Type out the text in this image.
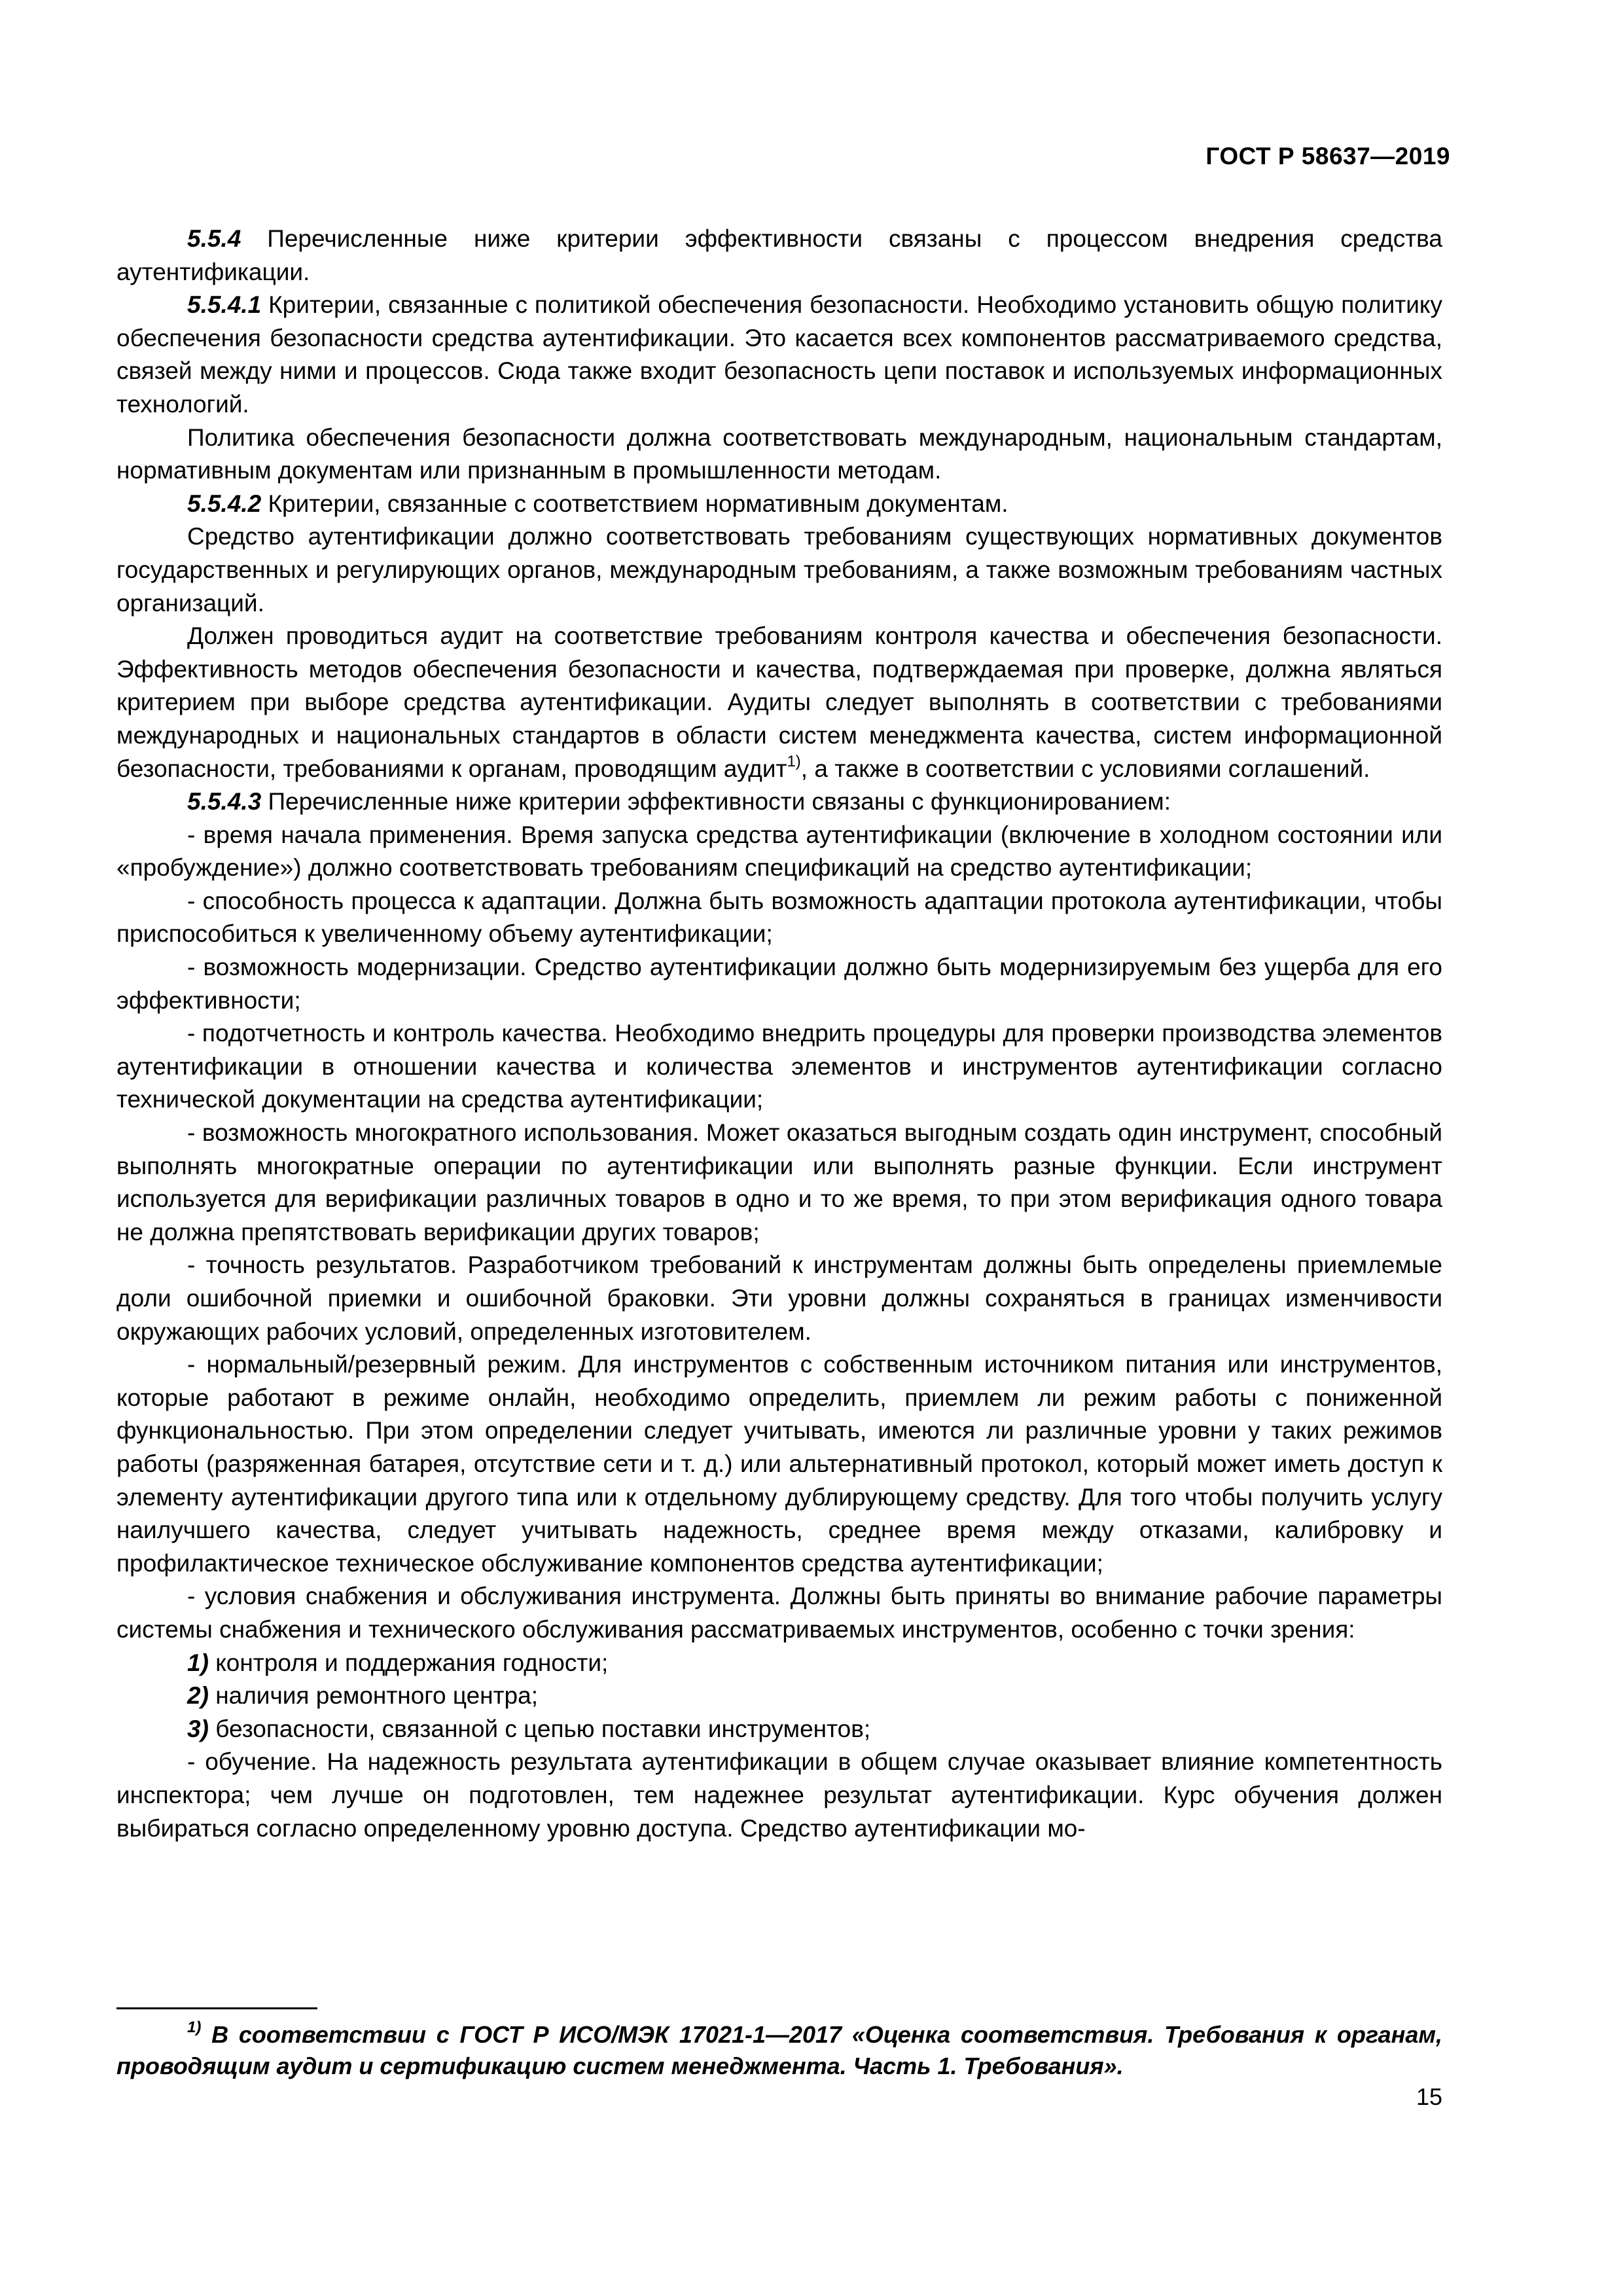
ГОСТ Р 58637—2019

5.5.4 Перечисленные ниже критерии эффективности связаны с процессом внедрения средства аутентификации.

5.5.4.1 Критерии, связанные с политикой обеспечения безопасности. Необходимо установить общую политику обеспечения безопасности средства аутентификации. Это касается всех компонентов рассматриваемого средства, связей между ними и процессов. Сюда также входит безопасность цепи поставок и используемых информационных технологий.

Политика обеспечения безопасности должна соответствовать международным, национальным стандартам, нормативным документам или признанным в промышленности методам.

5.5.4.2 Критерии, связанные с соответствием нормативным документам.

Средство аутентификации должно соответствовать требованиям существующих нормативных документов государственных и регулирующих органов, международным требованиям, а также возможным требованиям частных организаций.

Должен проводиться аудит на соответствие требованиям контроля качества и обеспечения безопасности. Эффективность методов обеспечения безопасности и качества, подтверждаемая при проверке, должна являться критерием при выборе средства аутентификации. Аудиты следует выполнять в соответствии с требованиями международных и национальных стандартов в области систем менеджмента качества, систем информационной безопасности, требованиями к органам, проводящим аудит$^{1)}$, а также в соответствии с условиями соглашений.

5.5.4.3 Перечисленные ниже критерии эффективности связаны с функционированием:

- время начала применения. Время запуска средства аутентификации (включение в холодном состоянии или «пробуждение») должно соответствовать требованиям спецификаций на средство аутентификации;

- способность процесса к адаптации. Должна быть возможность адаптации протокола аутентификации, чтобы приспособиться к увеличенному объему аутентификации;

- возможность модернизации. Средство аутентификации должно быть модернизируемым без ущерба для его эффективности;

- подотчетность и контроль качества. Необходимо внедрить процедуры для проверки производства элементов аутентификации в отношении качества и количества элементов и инструментов аутентификации согласно технической документации на средства аутентификации;

- возможность многократного использования. Может оказаться выгодным создать один инструмент, способный выполнять многократные операции по аутентификации или выполнять разные функции. Если инструмент используется для верификации различных товаров в одно и то же время, то при этом верификация одного товара не должна препятствовать верификации других товаров;

- точность результатов. Разработчиком требований к инструментам должны быть определены приемлемые доли ошибочной приемки и ошибочной браковки. Эти уровни должны сохраняться в границах изменчивости окружающих рабочих условий, определенных изготовителем.

- нормальный/резервный режим. Для инструментов с собственным источником питания или инструментов, которые работают в режиме онлайн, необходимо определить, приемлем ли режим работы с пониженной функциональностью. При этом определении следует учитывать, имеются ли различные уровни у таких режимов работы (разряженная батарея, отсутствие сети и т. д.) или альтернативный протокол, который может иметь доступ к элементу аутентификации другого типа или к отдельному дублирующему средству. Для того чтобы получить услугу наилучшего качества, следует учитывать надежность, среднее время между отказами, калибровку и профилактическое техническое обслуживание компонентов средства аутентификации;

- условия снабжения и обслуживания инструмента. Должны быть приняты во внимание рабочие параметры системы снабжения и технического обслуживания рассматриваемых инструментов, особенно с точки зрения:

1) контроля и поддержания годности;

2) наличия ремонтного центра;

3) безопасности, связанной с цепью поставки инструментов;

- обучение. На надежность результата аутентификации в общем случае оказывает влияние компетентность инспектора; чем лучше он подготовлен, тем надежнее результат аутентификации. Курс обучения должен выбираться согласно определенному уровню доступа. Средство аутентификации мо-

$^{1)}$ В соответствии с ГОСТ Р ИСО/МЭК 17021-1—2017 «Оценка соответствия. Требования к органам, проводящим аудит и сертификацию систем менеджмента. Часть 1. Требования».

15
